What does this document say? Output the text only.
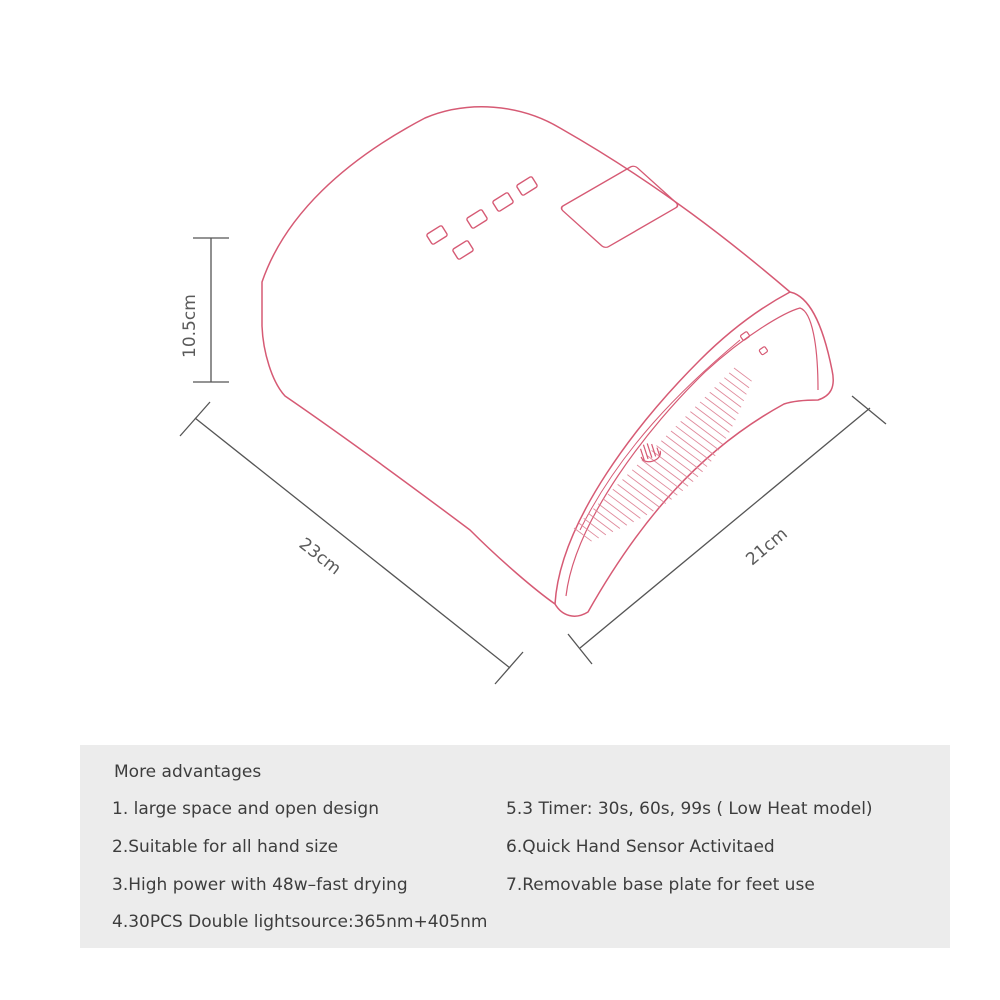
10.5cm
23cm	21cm
More advantages
1. large space and open design
2.Suitable for all hand size
3.High power with 48w–fast drying
4.30PCS Double lightsource:365nm+405nm
5.3 Timer: 30s, 60s, 99s ( Low Heat model)
6.Quick Hand Sensor Activitaed
7.Removable base plate for feet use
